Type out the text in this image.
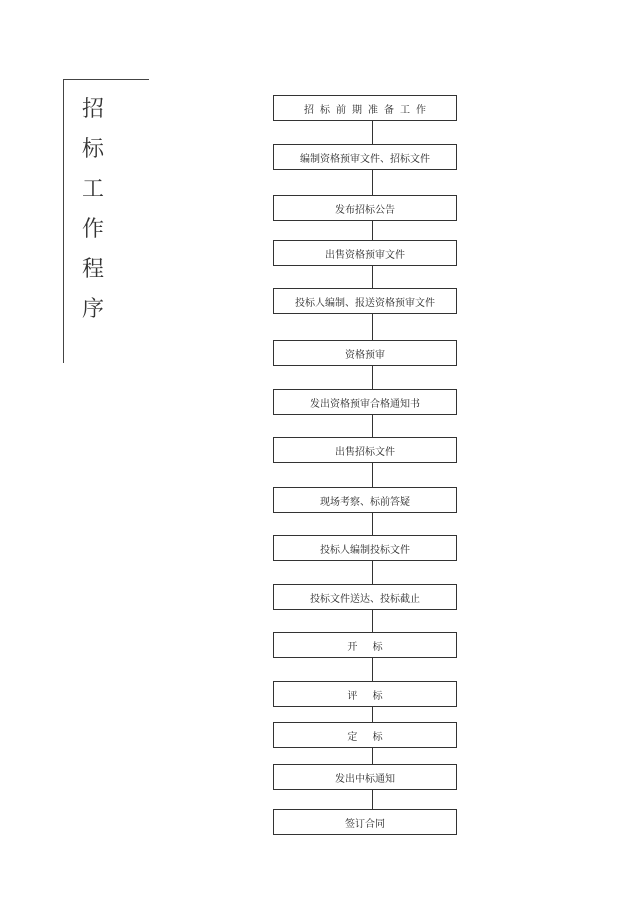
招
标
工
作
程
序
招标前期准备工作
编制资格预审文件、招标文件
发布招标公告
出售资格预审文件
投标人编制、报送资格预审文件
资格预审
发出资格预审合格通知书
出售招标文件
现场考察、标前答疑
投标人编制投标文件
投标文件送达、投标截止
开 标
评 标
定 标
发出中标通知
签订合同
